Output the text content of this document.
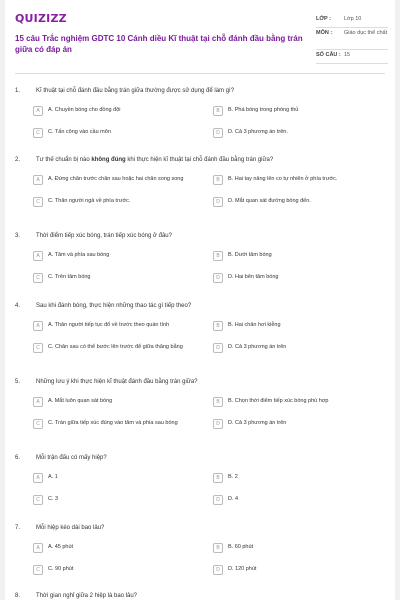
QUIZIZZ
15 câu Trắc nghiệm GDTC 10 Cánh diều Kĩ thuật tại chỗ đánh đầu bằng trán giữa có đáp án
LỚP :	Lớp 10
MÔN :	Giáo dục thể chất
SỐ CÂU : 15
1.	Kĩ thuật tại chỗ đánh đầu bằng trán giữa thường được sử dụng để làm gì?
A	A. Chuyền bóng cho đồng đội	B	B. Phá bóng trong phòng thủ
C	C. Tấn công vào cầu môn	D	D. Cả 3 phương án trên.
2.	Tư thế chuẩn bị nào không đúng khi thực hiện kĩ thuật tại chỗ đánh đầu bằng trán giữa?
A	A. Đứng chân trước chân sau hoặc hai chân song song	B	B. Hai tay nâng lên co tự nhiên ở phía trước.
C	C. Thân người ngả về phía trước.	D	D. Mắt quan sát đường bóng đến.
3.	Thời điểm tiếp xúc bóng, trán tiếp xúc bóng ở đâu?
A	A. Tâm và phía sau bóng	B	B. Dưới tâm bóng
C	C. Trên tâm bóng	D	D. Hai bên tâm bóng
4.	Sau khi đánh bóng, thực hiện những thao tác gì tiếp theo?
A	A. Thân người tiếp tục đổ về trước theo quán tính	B	B. Hai chân hơi kiễng
C	C. Chân sau có thể bước lên trước để giữa thăng bằng	D	D. Cả 3 phương án trên
5.	Những lưu ý khi thực hiện kĩ thuật đánh đầu bằng trán giữa?
A	A. Mắt luôn quan sát bóng	B	B. Chọn thời điểm tiếp xúc bóng phù hợp
C	C. Trán giữa tiếp xúc đúng vào tâm và phía sau bóng	D	D. Cả 3 phương án trên
6.	Mỗi trận đấu có mấy hiệp?
A	A. 1	B	B. 2
C	C. 3	D	D. 4
7.	Mỗi hiệp kéo dài bao lâu?
A	A. 45 phút	B	B. 60 phút
C	C. 90 phút	D	D. 120 phút
8.	Thời gian nghỉ giữa 2 hiệp là bao lâu?
